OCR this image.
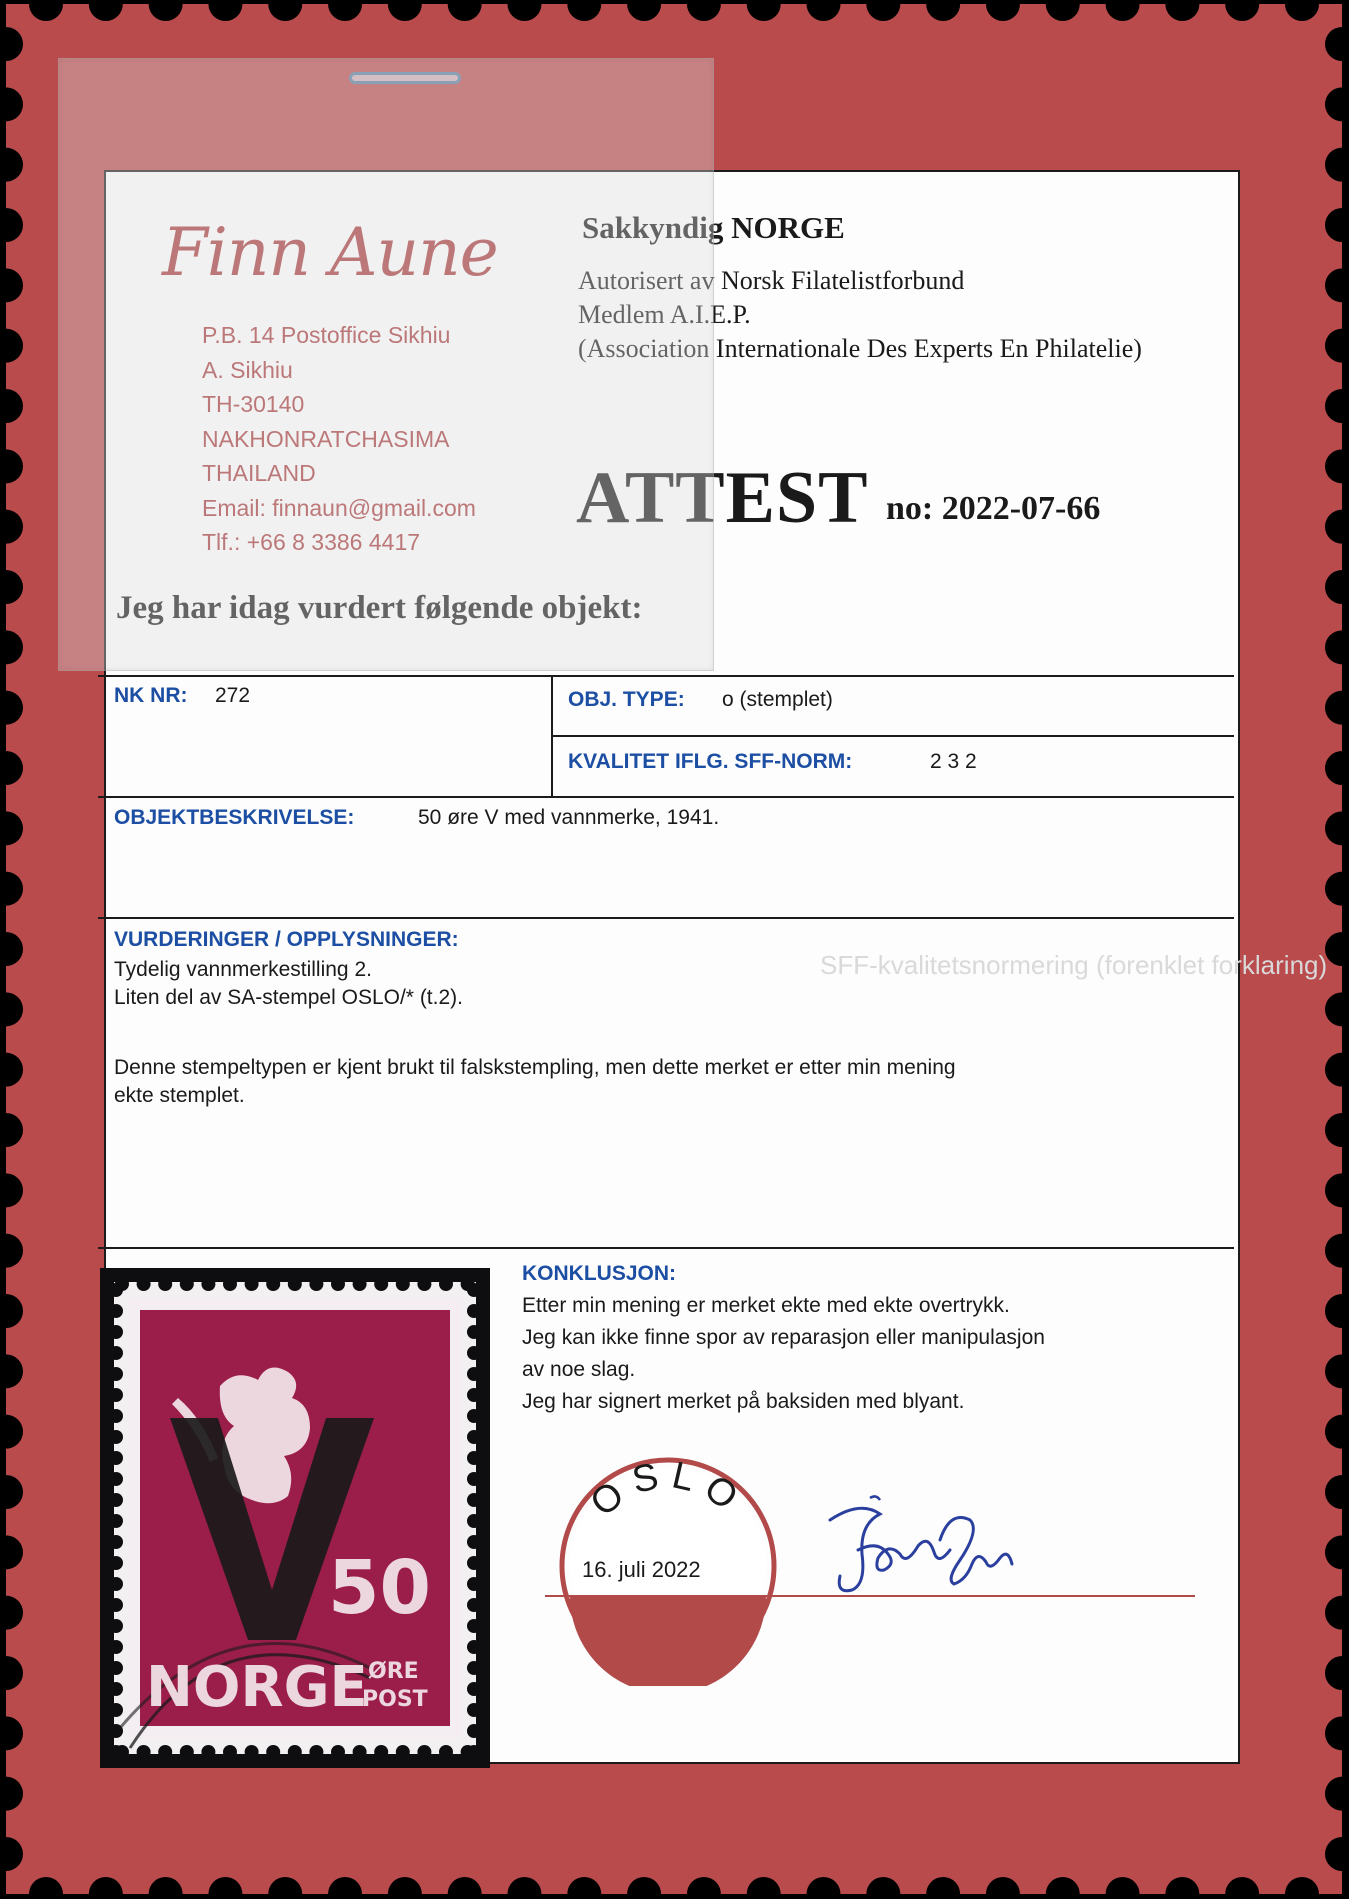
SFF-kvalitetsnormering (forenklet forklaring)
Finn Aune
P.B. 14 Postoffice Sikhiu
A. Sikhiu
TH-30140
NAKHONRATCHASIMA
THAILAND
Email: finnaun@gmail.com
Tlf.: +66 8 3386 4417
Sakkyndig NORGE
Autorisert av Norsk Filatelistforbund
Medlem A.I.E.P.
(Association Internationale Des Experts En Philatelie)
ATTEST no: 2022-07-66
Jeg har idag vurdert følgende objekt:
NK NR: 272	OBJ. TYPE: o (stemplet)
KVALITET IFLG. SFF-NORM:	2 3 2
OBJEKTBESKRIVELSE:	50 øre V med vannmerke, 1941.
VURDERINGER / OPPLYSNINGER:
Tydelig vannmerkestilling 2.
Liten del av SA-stempel OSLO/* (t.2).
Denne stempeltypen er kjent brukt til falskstempling, men dette merket er etter min mening
ekte stemplet.
50
NORGE ØRE
POST
KONKLUSJON:
Etter min mening er merket ekte med ekte overtrykk.
Jeg kan ikke finne spor av reparasjon eller manipulasjon
av noe slag.
Jeg har signert merket på baksiden med blyant.
OSLO
16. juli 2022
